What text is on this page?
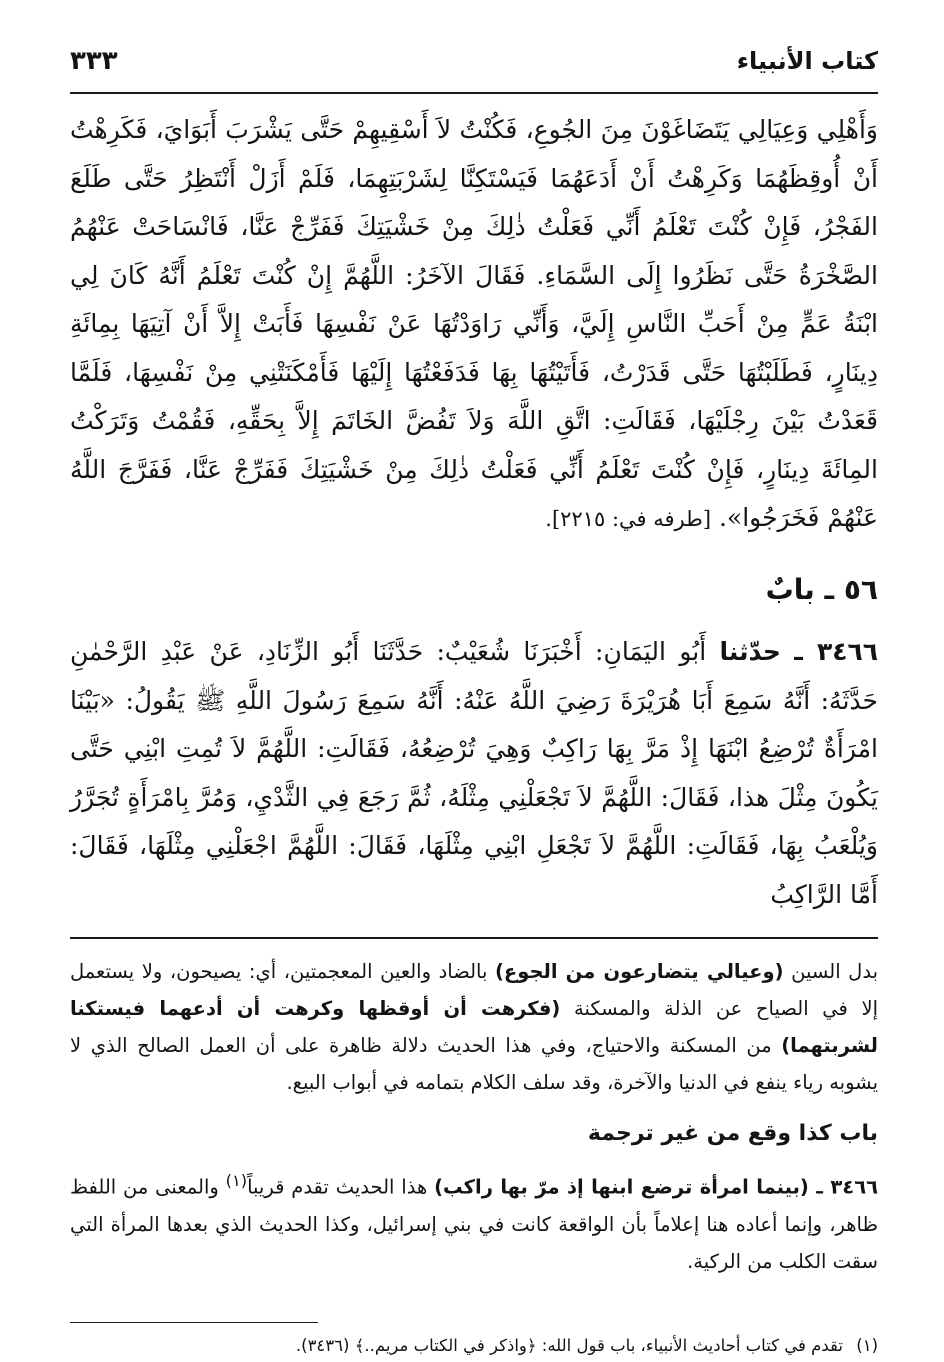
كتاب الأنبياء
٣٣٣

وَأَهْلِي وَعِيَالِي يَتَضَاغَوْنَ مِنَ الجُوعِ، فَكُنْتُ لاَ أَسْقِيهِمْ حَتَّى يَشْرَبَ أَبَوَايَ، فَكَرِهْتُ أَنْ أُوقِظَهُمَا وَكَرِهْتُ أَنْ أَدَعَهُمَا فَيَسْتَكِنَّا لِشَرْبَتِهِمَا، فَلَمْ أَزَلْ أَنْتَظِرُ حَتَّى طَلَعَ الفَجْرُ، فَإِنْ كُنْتَ تَعْلَمُ أَنِّي فَعَلْتُ ذٰلِكَ مِنْ خَشْيَتِكَ فَفَرِّجْ عَنَّا، فَانْسَاحَتْ عَنْهُمُ الصَّخْرَةُ حَتَّى نَظَرُوا إِلَى السَّمَاءِ. فَقَالَ الآخَرُ: اللَّهُمَّ إِنْ كُنْتَ تَعْلَمُ أَنَّهُ كَانَ لِي ابْنَةُ عَمٍّ مِنْ أَحَبِّ النَّاسِ إِلَيَّ، وَأَنِّي رَاوَدْتُهَا عَنْ نَفْسِهَا فَأَبَتْ إِلاَّ أَنْ آتِيَهَا بِمِائَةِ دِينَارٍ، فَطَلَبْتُهَا حَتَّى قَدَرْتُ، فَأَتَيْتُهَا بِهَا فَدَفَعْتُهَا إِلَيْهَا فَأَمْكَنَتْنِي مِنْ نَفْسِهَا، فَلَمَّا قَعَدْتُ بَيْنَ رِجْلَيْهَا، فَقَالَتِ: اتَّقِ اللَّهَ وَلاَ تَفُضَّ الخَاتَمَ إِلاَّ بِحَقِّهِ، فَقُمْتُ وَتَرَكْتُ المِائَةَ دِينَارٍ، فَإِنْ كُنْتَ تَعْلَمُ أَنِّي فَعَلْتُ ذٰلِكَ مِنْ خَشْيَتِكَ فَفَرِّجْ عَنَّا، فَفَرَّجَ اللَّهُ عَنْهُمْ فَخَرَجُوا». [طرفه في: ٢٢١٥].

٥٦ ـ بابٌ

٣٤٦٦ ـ حدّثنا أَبُو اليَمَانِ: أَخْبَرَنَا شُعَيْبٌ: حَدَّثَنَا أَبُو الزِّنَادِ، عَنْ عَبْدِ الرَّحْمٰنِ حَدَّثَهُ: أَنَّهُ سَمِعَ أَبَا هُرَيْرَةَ رَضِيَ اللَّهُ عَنْهُ: أَنَّهُ سَمِعَ رَسُولَ اللَّهِ ﷺ يَقُولُ: «بَيْنَا امْرَأَةٌ تُرْضِعُ ابْنَهَا إِذْ مَرَّ بِهَا رَاكِبٌ وَهِيَ تُرْضِعُهُ، فَقَالَتِ: اللَّهُمَّ لاَ تُمِتِ ابْنِي حَتَّى يَكُونَ مِثْلَ هذا، فَقَالَ: اللَّهُمَّ لاَ تَجْعَلْنِي مِثْلَهُ، ثُمَّ رَجَعَ فِي الثَّدْيِ، وَمُرَّ بِامْرَأَةٍ تُجَرَّرُ وَيُلْعَبُ بِهَا، فَقَالَتِ: اللَّهُمَّ لاَ تَجْعَلِ ابْنِي مِثْلَهَا، فَقَالَ: اللَّهُمَّ اجْعَلْنِي مِثْلَهَا، فَقَالَ: أَمَّا الرَّاكِبُ

بدل السين (وعيالي يتضارعون من الجوع) بالضاد والعين المعجمتين، أي: يصيحون، ولا يستعمل إلا في الصياح عن الذلة والمسكنة (فكرهت أن أوقظها وكرهت أن أدعهما فيستكنا لشربتهما) من المسكنة والاحتياج، وفي هذا الحديث دلالة ظاهرة على أن العمل الصالح الذي لا يشوبه رياء ينفع في الدنيا والآخرة، وقد سلف الكلام بتمامه في أبواب البيع.

باب كذا وقع من غير ترجمة

٣٤٦٦ ـ (بينما امرأة ترضع ابنها إذ مرّ بها راكب) هذا الحديث تقدم قريباً$^{(١)}$ والمعنى من اللفظ ظاهر، وإنما أعاده هنا إعلاماً بأن الواقعة كانت في بني إسرائيل، وكذا الحديث الذي بعدها المرأة التي سقت الكلب من الركية.

(١) تقدم في كتاب أحاديث الأنبياء، باب قول الله: ﴿واذكر في الكتاب مريم..﴾ (٣٤٣٦).
